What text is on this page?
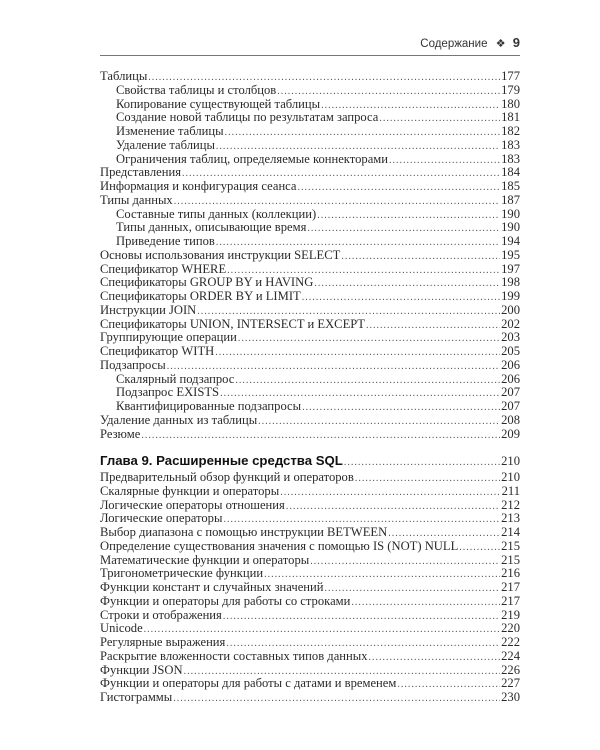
Содержание ❖ 9
Таблицы .....	177
Свойства таблицы и столбцов .....	179
Копирование существующей таблицы .....	180
Создание новой таблицы по результатам запроса .....	181
Изменение таблицы .....	182
Удаление таблицы .....	183
Ограничения таблиц, определяемые коннекторами .....	183
Представления .....	184
Информация и конфигурация сеанса .....	185
Типы данных .....	187
Составные типы данных (коллекции) .....	190
Типы данных, описывающие время .....	190
Приведение типов .....	194
Основы использования инструкции SELECT .....	195
Спецификатор WHERE .....	197
Спецификаторы GROUP BY и HAVING .....	198
Спецификаторы ORDER BY и LIMIT .....	199
Инструкции JOIN .....	200
Спецификаторы UNION, INTERSECT и EXCEPT .....	202
Группирующие операции .....	203
Спецификатор WITH .....	205
Подзапросы .....	206
Скалярный подзапрос .....	206
Подзапрос EXISTS .....	207
Квантифицированные подзапросы .....	207
Удаление данных из таблицы .....	208
Резюме .....	209
Глава 9. Расширенные средства SQL .....	210
Предварительный обзор функций и операторов .....	210
Скалярные функции и операторы .....	211
Логические операторы отношения .....	212
Логические операторы .....	213
Выбор диапазона с помощью инструкции BETWEEN .....	214
Определение существования значения с помощью IS (NOT) NULL .....	215
Математические функции и операторы .....	215
Тригонометрические функции .....	216
Функции констант и случайных значений .....	217
Функции и операторы для работы со строками .....	217
Строки и отображения .....	219
Unicode .....	220
Регулярные выражения .....	222
Раскрытие вложенности составных типов данных .....	224
Функции JSON .....	226
Функции и операторы для работы с датами и временем .....	227
Гистограммы .....	230
